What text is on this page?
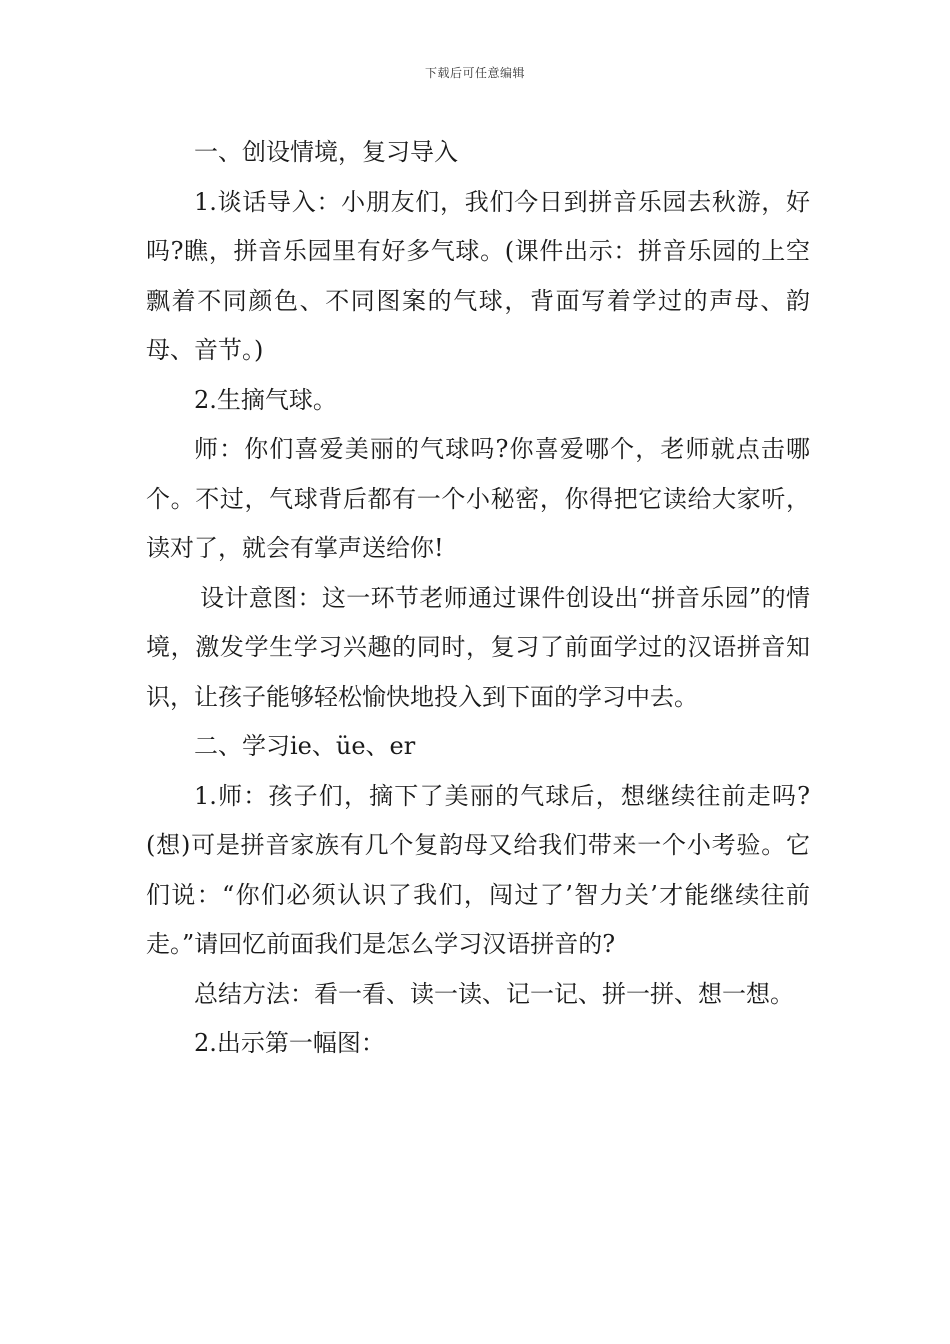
下载后可任意编辑

一、创设情境，复习导入

1.谈话导入：小朋友们，我们今日到拼音乐园去秋游，好吗?瞧，拼音乐园里有好多气球。(课件出示：拼音乐园的上空飘着不同颜色、不同图案的气球，背面写着学过的声母、韵母、音节。)

2.生摘气球。

师：你们喜爱美丽的气球吗?你喜爱哪个，老师就点击哪个。不过，气球背后都有一个小秘密，你得把它读给大家听，读对了，就会有掌声送给你!

设计意图：这一环节老师通过课件创设出“拼音乐园”的情境，激发学生学习兴趣的同时，复习了前面学过的汉语拼音知识，让孩子能够轻松愉快地投入到下面的学习中去。

二、学习ie、üe、er

1.师：孩子们，摘下了美丽的气球后，想继续往前走吗?(想)可是拼音家族有几个复韵母又给我们带来一个小考验。它们说：“你们必须认识了我们，闯过了’智力关’才能继续往前走。”请回忆前面我们是怎么学习汉语拼音的?

总结方法：看一看、读一读、记一记、拼一拼、想一想。

2.出示第一幅图：
